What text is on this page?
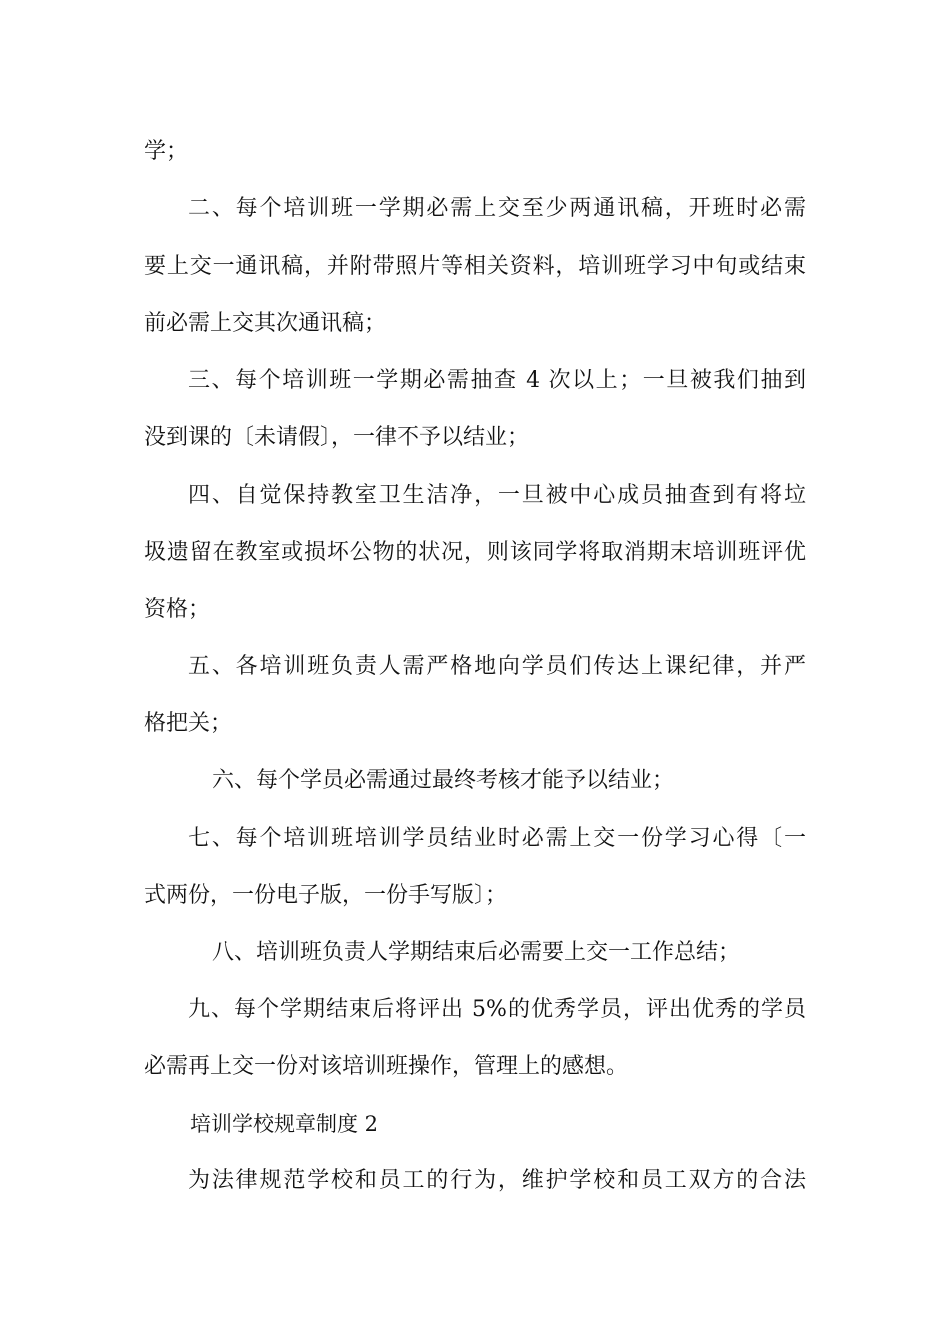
学；
二、每个培训班一学期必需上交至少两通讯稿，开班时必需
要上交一通讯稿，并附带照片等相关资料，培训班学习中旬或结束
前必需上交其次通讯稿；
三、每个培训班一学期必需抽查 4 次以上；一旦被我们抽到
没到课的〔未请假〕，一律不予以结业；
四、自觉保持教室卫生洁净，一旦被中心成员抽查到有将垃
圾遗留在教室或损坏公物的状况，则该同学将取消期末培训班评优
资格；
五、各培训班负责人需严格地向学员们传达上课纪律，并严
格把关；
六、每个学员必需通过最终考核才能予以结业；
七、每个培训班培训学员结业时必需上交一份学习心得〔一
式两份，一份电子版，一份手写版〕；
八、培训班负责人学期结束后必需要上交一工作总结；
九、每个学期结束后将评出 5%的优秀学员，评出优秀的学员
必需再上交一份对该培训班操作，管理上的感想。
培训学校规章制度 2
为法律规范学校和员工的行为，维护学校和员工双方的合法
